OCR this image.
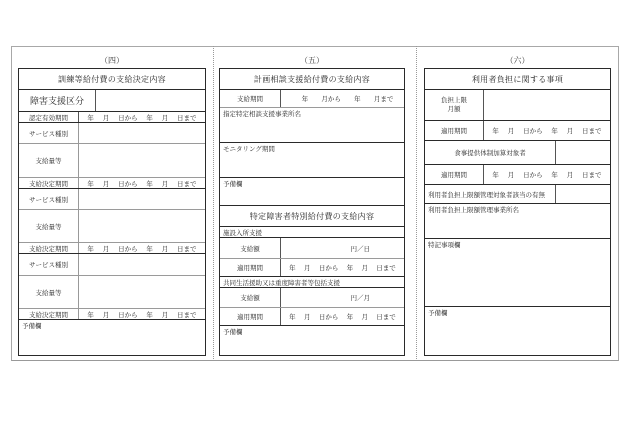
（四）
訓練等給付費の支給決定内容
障害支援区分
認定有効期間	年 月 日から 年 月 日まで
サービス種別
支給量等
支給決定期間	年 月 日から 年 月 日まで
サービス種別
支給量等
支給決定期間	年 月 日から 年 月 日まで
サービス種別
支給量等
支給決定期間	年 月 日から 年 月 日まで
予備欄
（五）
計画相談支援給付費の支給内容
支給期間	年 月から 年 月まで
指定特定相談支援事業所名
モニタリング期間
予備欄
特定障害者特別給付費の支給内容
施設入所支援
支給額	円／日
適用期間	年 月 日から 年 月 日まで
共同生活援助又は重度障害者等包括支援
支給額	円／月
適用期間	年 月 日から 年 月 日まで
予備欄
（六）
利用者負担に関する事項
負担上限
月額
適用期間	年 月 日から 年 月 日まで
食事提供体制加算対象者
適用期間	年 月 日から 年 月 日まで
利用者負担上限額管理対象者該当の有無
利用者負担上限額管理事業所名
特記事項欄
予備欄
